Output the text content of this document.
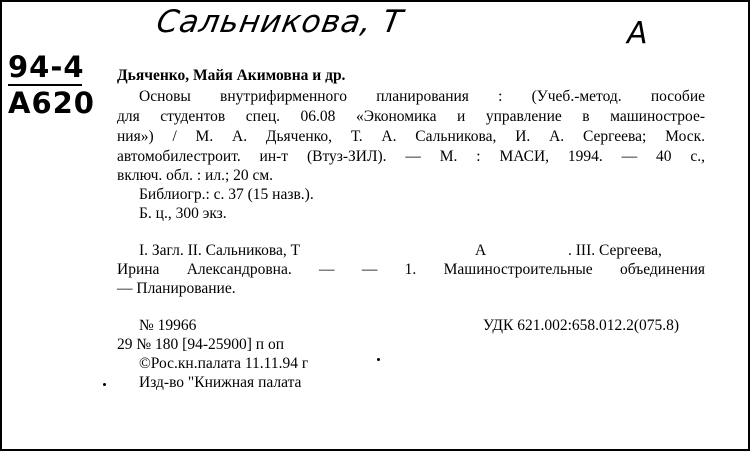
Сальникова, Т	А
94-4
А620
Дьяченко, Майя Акимовна и др.
Основы внутрифирменного планирования : (Учеб.-метод. пособие
для студентов спец. 06.08 «Экономика и управление в машинострое-
ния») / М. А. Дьяченко, Т. А. Сальникова, И. А. Сергеева; Моск.
автомобилестроит. ин-т (Втуз-ЗИЛ). — М. : МАСИ, 1994. — 40 с.,
включ. обл. : ил.; 20 см.
Библиогр.: с. 37 (15 назв.).
Б. ц., 300 экз.
I. Загл. II. Сальникова, Т	А	. III. Сергеева,
Ирина Александровна. — — 1. Машиностроительные объединения
— Планирование.
№ 19966	УДК 621.002:658.012.2(075.8)
29 № 180 [94-25900] п оп
©Рос.кн.палата 11.11.94 г
Изд-во "Книжная палата
